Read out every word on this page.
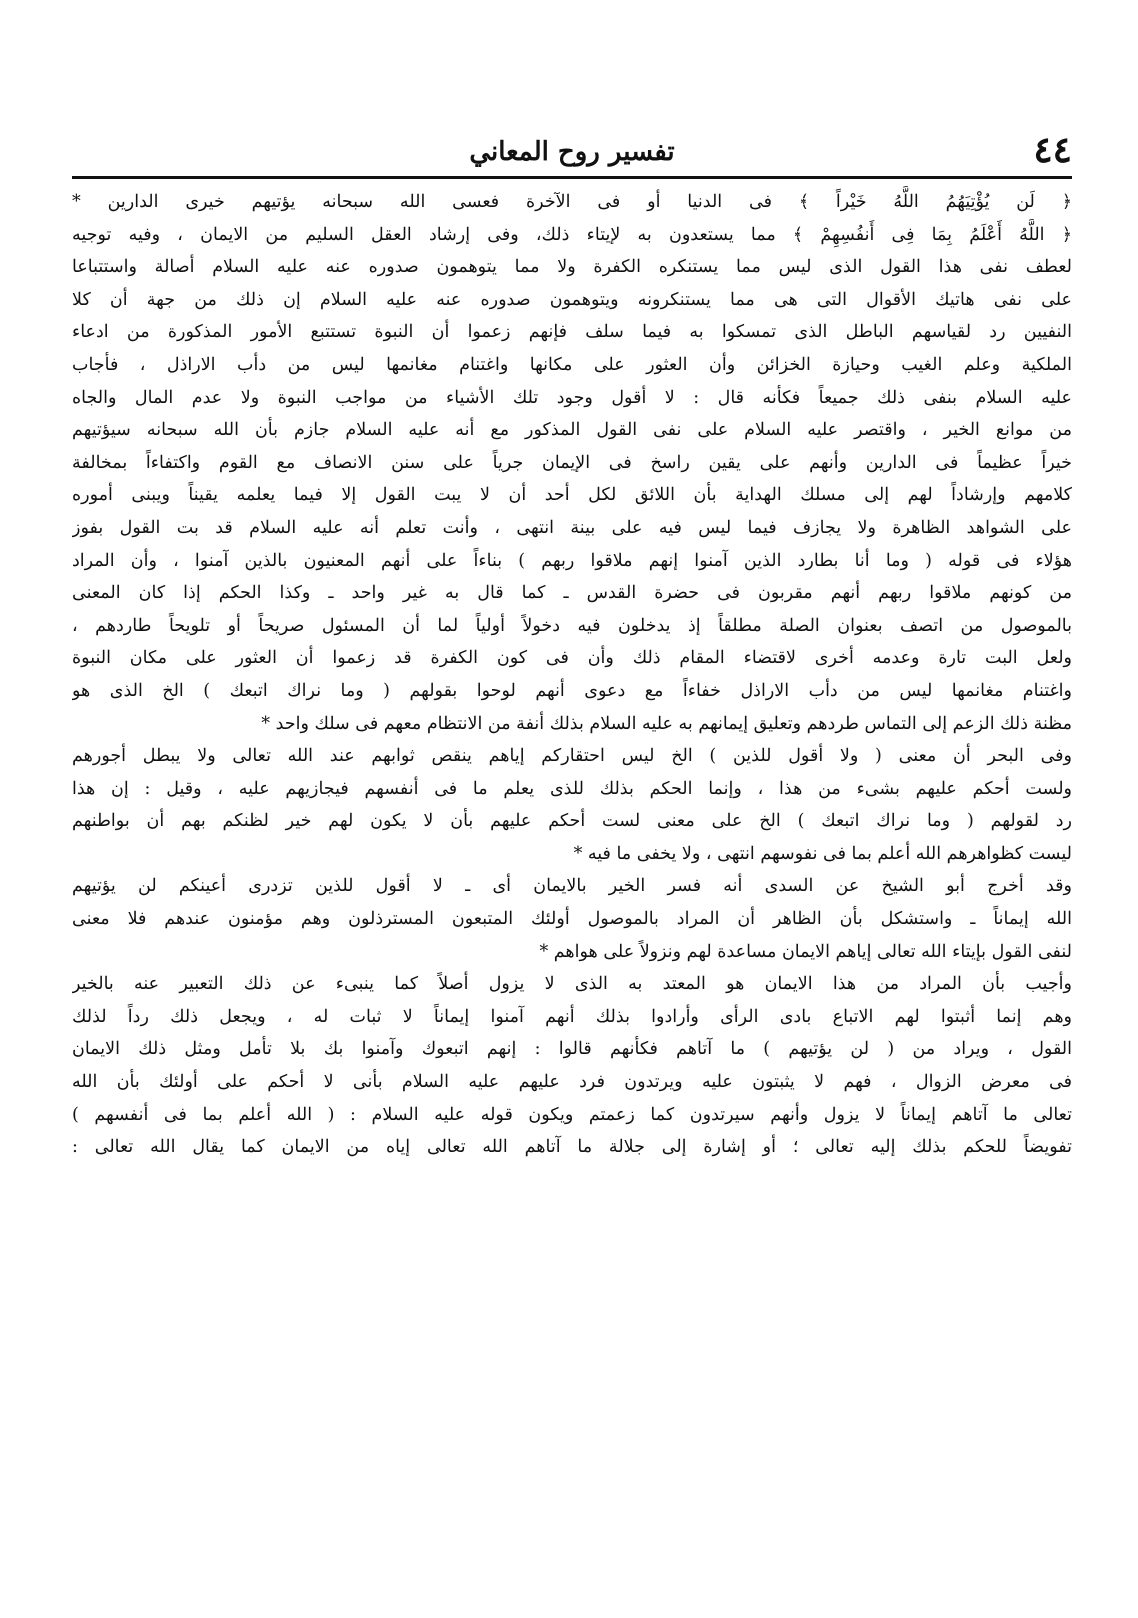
٤٤
تفسير روح المعاني
﴿ لَن يُؤْتِيَهُمُ اللَّهُ خَيْراً ﴾ فى الدنيا أو فى الآخرة فعسى الله سبحانه يؤتيهم خيرى الدارين *
﴿ اللَّهُ أَعْلَمُ بِمَا فِى أَنفُسِهِمْ ﴾ مما يستعدون به لإيتاء ذلك، وفى إرشاد العقل السليم من الايمان ، وفيه توجيه
لعطف نفى هذا القول الذى ليس مما يستنكره الكفرة ولا مما يتوهمون صدوره عنه عليه السلام أصالة واستتباعا
على نفى هاتيك الأقوال التى هى مما يستنكرونه ويتوهمون صدوره عنه عليه السلام إن ذلك من جهة أن كلا
النفيين رد لقياسهم الباطل الذى تمسكوا به فيما سلف فإنهم زعموا أن النبوة تستتبع الأمور المذكورة من ادعاء
الملكية وعلم الغيب وحيازة الخزائن وأن العثور على مكانها واغتنام مغانمها ليس من دأب الاراذل ، فأجاب
عليه السلام بنفى ذلك جميعاً فكأنه قال : لا أقول وجود تلك الأشياء من مواجب النبوة ولا عدم المال والجاه
من موانع الخير ، واقتصر عليه السلام على نفى القول المذكور مع أنه عليه السلام جازم بأن الله سبحانه سيؤتيهم
خيراً عظيماً فى الدارين وأنهم على يقين راسخ فى الإيمان جرياً على سنن الانصاف مع القوم واكتفاءاً بمخالفة
كلامهم وإرشاداً لهم إلى مسلك الهداية بأن اللائق لكل أحد أن لا يبت القول إلا فيما يعلمه يقيناً ويبنى أموره
على الشواهد الظاهرة ولا يجازف فيما ليس فيه على بينة انتهى ، وأنت تعلم أنه عليه السلام قد بت القول بفوز
هؤلاء فى قوله ( وما أنا بطارد الذين آمنوا إنهم ملاقوا ربهم ) بناءاً على أنهم المعنيون بالذين آمنوا ، وأن المراد
من كونهم ملاقوا ربهم أنهم مقربون فى حضرة القدس ـ كما قال به غير واحد ـ وكذا الحكم إذا كان المعنى
بالموصول من اتصف بعنوان الصلة مطلقاً إذ يدخلون فيه دخولاً أولياً لما أن المسئول صريحاً أو تلويحاً طاردهم ،
ولعل البت تارة وعدمه أخرى لاقتضاء المقام ذلك وأن فى كون الكفرة قد زعموا أن العثور على مكان النبوة
واغتنام مغانمها ليس من دأب الاراذل خفاءاً مع دعوى أنهم لوحوا بقولهم ( وما نراك اتبعك ) الخ الذى هو
مظنة ذلك الزعم إلى التماس طردهم وتعليق إيمانهم به عليه السلام بذلك أنفة من الانتظام معهم فى سلك واحد *
وفى البحر أن معنى ( ولا أقول للذين ) الخ ليس احتقاركم إياهم ينقص ثوابهم عند الله تعالى ولا يبطل أجورهم
ولست أحكم عليهم بشىء من هذا ، وإنما الحكم بذلك للذى يعلم ما فى أنفسهم فيجازيهم عليه ، وقيل : إن هذا
رد لقولهم ( وما نراك اتبعك ) الخ على معنى لست أحكم عليهم بأن لا يكون لهم خير لظنكم بهم أن بواطنهم
ليست كظواهرهم الله أعلم بما فى نفوسهم انتهى ، ولا يخفى ما فيه *
وقد أخرج أبو الشيخ عن السدى أنه فسر الخير بالايمان أى ـ لا أقول للذين تزدرى أعينكم لن يؤتيهم
الله إيماناً ـ واستشكل بأن الظاهر أن المراد بالموصول أولئك المتبعون المسترذلون وهم مؤمنون عندهم فلا معنى
لنفى القول بإيتاء الله تعالى إياهم الايمان مساعدة لهم ونزولاً على هواهم *
وأجيب بأن المراد من هذا الايمان هو المعتد به الذى لا يزول أصلاً كما ينبىء عن ذلك التعبير عنه بالخير
وهم إنما أثبتوا لهم الاتباع بادى الرأى وأرادوا بذلك أنهم آمنوا إيماناً لا ثبات له ، ويجعل ذلك رداً لذلك
القول ، ويراد من ( لن يؤتيهم ) ما آتاهم فكأنهم قالوا : إنهم اتبعوك وآمنوا بك بلا تأمل ومثل ذلك الايمان
فى معرض الزوال ، فهم لا يثبتون عليه ويرتدون فرد عليهم عليه السلام بأنى لا أحكم على أولئك بأن الله
تعالى ما آتاهم إيماناً لا يزول وأنهم سيرتدون كما زعمتم ويكون قوله عليه السلام : ( الله أعلم بما فى أنفسهم )
تفويضاً للحكم بذلك إليه تعالى ؛ أو إشارة إلى جلالة ما آتاهم الله تعالى إياه من الايمان كما يقال الله تعالى :
